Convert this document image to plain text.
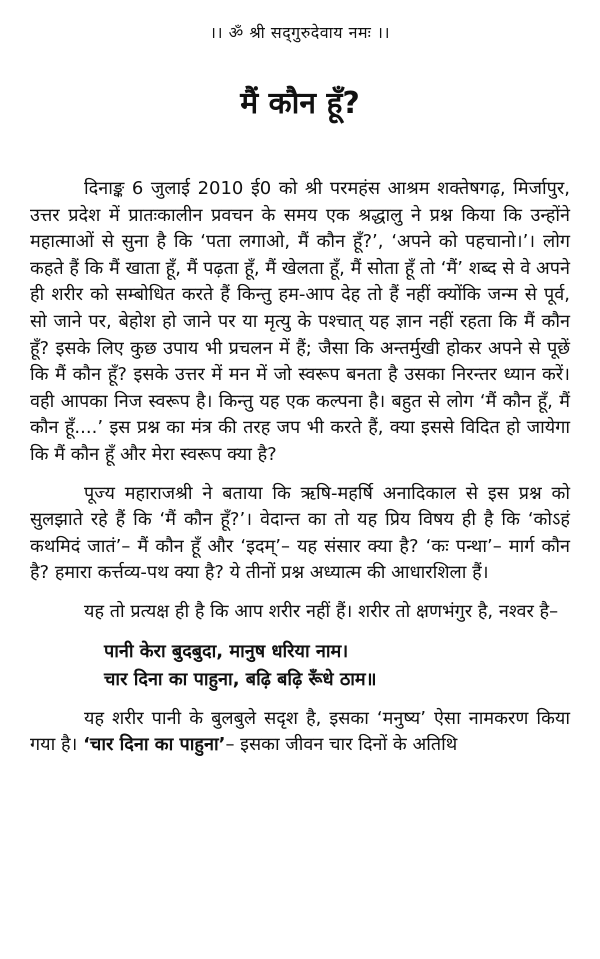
।। ॐ श्री सद्‌गुरुदेवाय नमः ।।
मैं कौन हूँ?

दिनाङ्क 6 जुलाई 2010 ई0 को श्री परमहंस आश्रम शक्तेषगढ़, मिर्जापुर, उत्तर प्रदेश में प्रातःकालीन प्रवचन के समय एक श्रद्धालु ने प्रश्न किया कि उन्होंने महात्माओं से सुना है कि ‘पता लगाओ, मैं कौन हूँ?’, ‘अपने को पहचानो।’। लोग कहते हैं कि मैं खाता हूँ, मैं पढ़ता हूँ, मैं खेलता हूँ, मैं सोता हूँ तो ‘मैं’ शब्द से वे अपने ही शरीर को सम्बोधित करते हैं किन्तु हम-आप देह तो हैं नहीं क्योंकि जन्म से पूर्व, सो जाने पर, बेहोश हो जाने पर या मृत्यु के पश्चात्‌ यह ज्ञान नहीं रहता कि मैं कौन हूँ? इसके लिए कुछ उपाय भी प्रचलन में हैं; जैसा कि अन्तर्मुखी होकर अपने से पूछें कि मैं कौन हूँ? इसके उत्तर में मन में जो स्वरूप बनता है उसका निरन्तर ध्यान करें। वही आपका निज स्वरूप है। किन्तु यह एक कल्पना है। बहुत से लोग ‘मैं कौन हूँ, मैं कौन हूँ....’ इस प्रश्न का मंत्र की तरह जप भी करते हैं, क्या इससे विदित हो जायेगा कि मैं कौन हूँ और मेरा स्वरूप क्या है?

पूज्य महाराजश्री ने बताया कि ऋषि-महर्षि अनादिकाल से इस प्रश्न को सुलझाते रहे हैं कि ‘मैं कौन हूँ?’। वेदान्त का तो यह प्रिय विषय ही है कि ‘कोऽहं कथमिदं जातं’– मैं कौन हूँ और ‘इदम्’– यह संसार क्या है? ‘कः पन्था’– मार्ग कौन है? हमारा कर्त्तव्य-पथ क्या है? ये तीनों प्रश्न अध्यात्म की आधारशिला हैं।

यह तो प्रत्यक्ष ही है कि आप शरीर नहीं हैं। शरीर तो क्षणभंगुर है, नश्वर है–

पानी केरा बुदबुदा, मानुष धरिया नाम।

चार दिना का पाहुना, बढ़ि बढ़ि रूँधे ठाम॥

यह शरीर पानी के बुलबुले सदृश है, इसका ‘मनुष्य’ ऐसा नामकरण किया गया है। ‘चार दिना का पाहुना’– इसका जीवन चार दिनों के अतिथि
